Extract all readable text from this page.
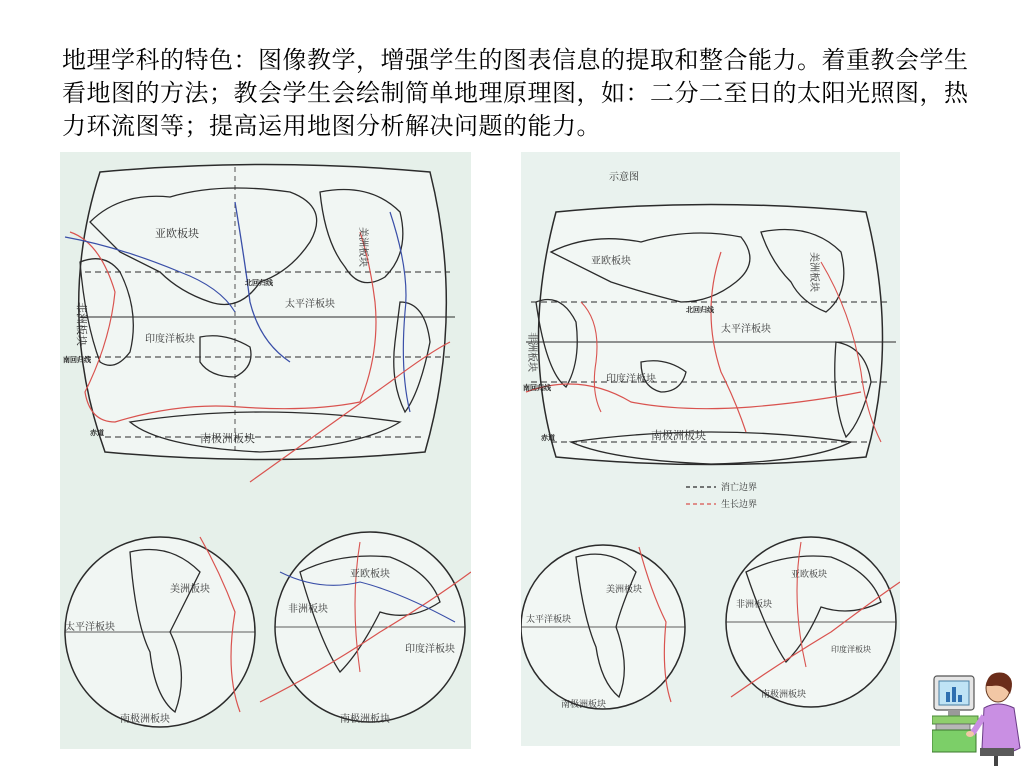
地理学科的特色：图像教学，增强学生的图表信息的提取和整合能力。着重教会学生看地图的方法；教会学生会绘制简单地理原理图，如：二分二至日的太阳光照图，热力环流图等；提高运用地图分析解决问题的能力。
亚欧板块
非洲板块	太平洋板块
印度洋板块
南极洲板块
美洲板块
北回归线
南回归线
赤道
美洲板块
太平洋板块
南极洲板块
亚欧板块
非洲板块
印度洋板块
南极洲板块
示意图
亚欧板块
非洲板块
太平洋板块
印度洋板块
南极洲板块
美洲板块
北回归线
南回归线
赤道
消亡边界
生长边界
美洲板块
太平洋板块
南极洲板块
亚欧板块
非洲板块
印度洋板块
南极洲板块
